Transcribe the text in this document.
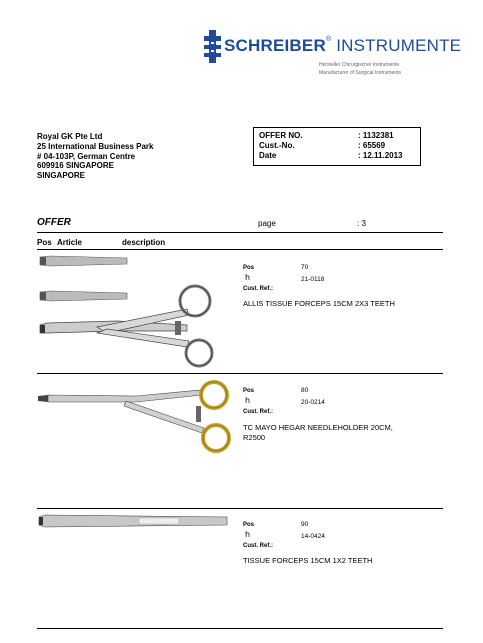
SCHREIBER® INSTRUMENTE
Hersteller Chirurgischer Instrumente
Manufacturer of Surgical Instruments
Royal GK Pte Ltd
25 International Business Park
# 04-103P, German Centre
609916 SINGAPORE
SINGAPORE
OFFER NO.	: 1132381
Cust.-No.	: 65569
Date	: 12.11.2013
OFFER	page	: 3
Pos Article	description
Pos	70
h	21-0118
Cust. Ref.:
ALLIS TISSUE FORCEPS 15CM 2X3 TEETH
Pos	80
h	20-0214
Cust. Ref.:
TC MAYO HEGAR NEEDLEHOLDER 20CM,
R2500
Pos	90
h	14-0424
Cust. Ref.:
TISSUE FORCEPS 15CM 1X2 TEETH
